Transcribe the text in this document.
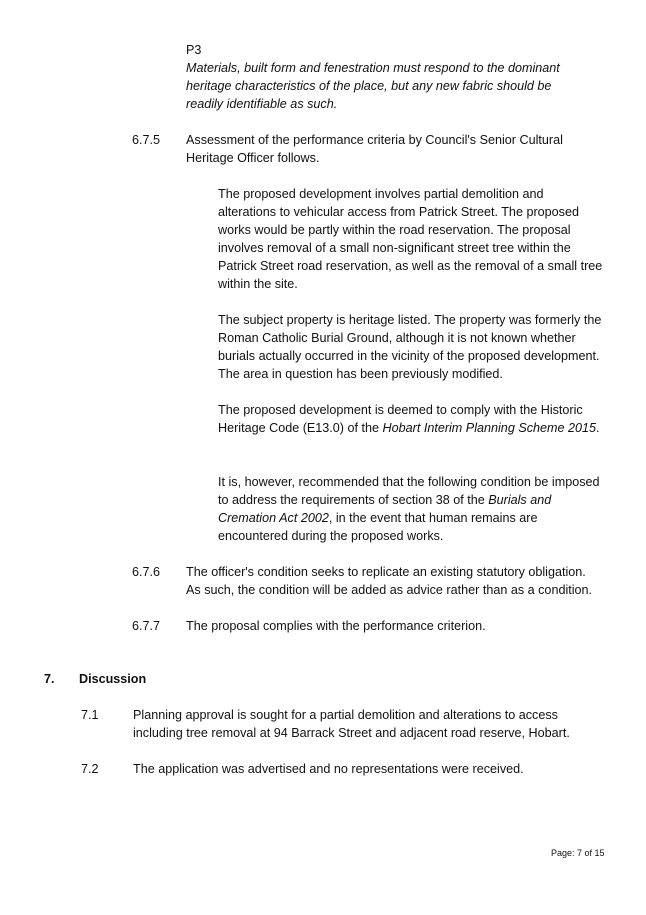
P3

Materials, built form and fenestration must respond to the dominant heritage characteristics of the place, but any new fabric should be readily identifiable as such.

6.7.5 Assessment of the performance criteria by Council's Senior Cultural Heritage Officer follows.

The proposed development involves partial demolition and alterations to vehicular access from Patrick Street. The proposed works would be partly within the road reservation. The proposal involves removal of a small non-significant street tree within the Patrick Street road reservation, as well as the removal of a small tree within the site.

The subject property is heritage listed. The property was formerly the Roman Catholic Burial Ground, although it is not known whether burials actually occurred in the vicinity of the proposed development. The area in question has been previously modified.

The proposed development is deemed to comply with the Historic Heritage Code (E13.0) of the Hobart Interim Planning Scheme 2015.

It is, however, recommended that the following condition be imposed to address the requirements of section 38 of the Burials and Cremation Act 2002, in the event that human remains are encountered during the proposed works.

6.7.6 The officer's condition seeks to replicate an existing statutory obligation. As such, the condition will be added as advice rather than as a condition.

6.7.7 The proposal complies with the performance criterion.

7. Discussion

7.1	Planning approval is sought for a partial demolition and alterations to access including tree removal at 94 Barrack Street and adjacent road reserve, Hobart.

7.2	The application was advertised and no representations were received.

Page: 7 of 15
